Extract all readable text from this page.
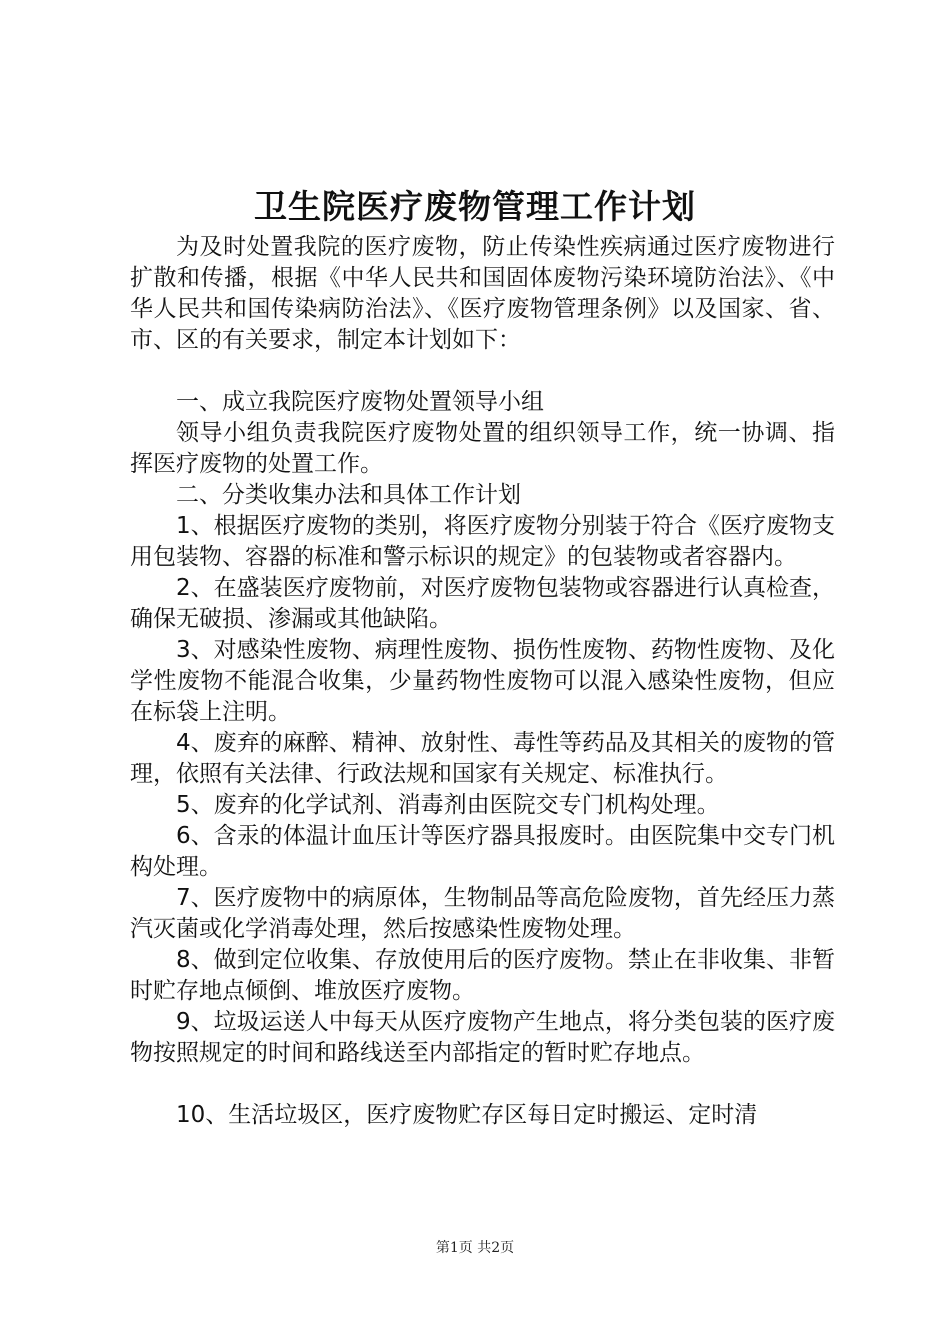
卫生院医疗废物管理工作计划

为及时处置我院的医疗废物，防止传染性疾病通过医疗废物进行扩散和传播，根据《中华人民共和国固体废物污染环境防治法》、《中华人民共和国传染病防治法》、《医疗废物管理条例》以及国家、省、市、区的有关要求，制定本计划如下：

一、成立我院医疗废物处置领导小组

领导小组负责我院医疗废物处置的组织领导工作，统一协调、指挥医疗废物的处置工作。

二、分类收集办法和具体工作计划

1、根据医疗废物的类别，将医疗废物分别装于符合《医疗废物支用包装物、容器的标准和警示标识的规定》的包装物或者容器内。

2、在盛装医疗废物前，对医疗废物包装物或容器进行认真检查，确保无破损、渗漏或其他缺陷。

3、对感染性废物、病理性废物、损伤性废物、药物性废物、及化学性废物不能混合收集，少量药物性废物可以混入感染性废物，但应在标袋上注明。

4、废弃的麻醉、精神、放射性、毒性等药品及其相关的废物的管理，依照有关法律、行政法规和国家有关规定、标准执行。

5、废弃的化学试剂、消毒剂由医院交专门机构处理。

6、含汞的体温计血压计等医疗器具报废时。由医院集中交专门机构处理。

7、医疗废物中的病原体，生物制品等高危险废物，首先经压力蒸汽灭菌或化学消毒处理，然后按感染性废物处理。

8、做到定位收集、存放使用后的医疗废物。禁止在非收集、非暂时贮存地点倾倒、堆放医疗废物。

9、垃圾运送人中每天从医疗废物产生地点，将分类包装的医疗废物按照规定的时间和路线送至内部指定的暂时贮存地点。

10、生活垃圾区，医疗废物贮存区每日定时搬运、定时清

第1页 共2页
